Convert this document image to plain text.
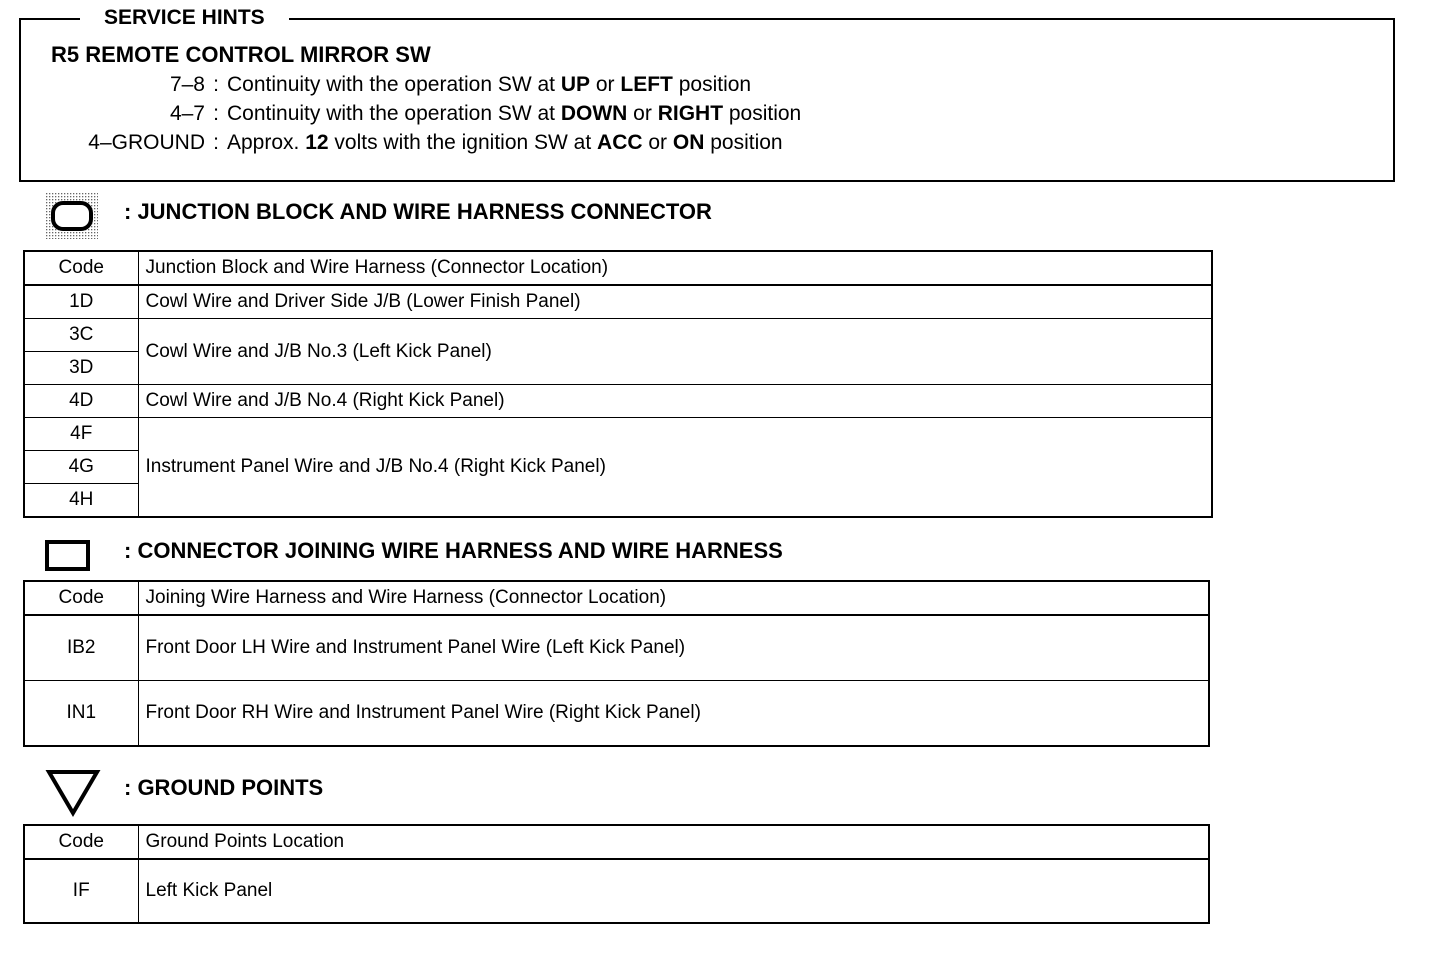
SERVICE HINTS
R5 REMOTE CONTROL MIRROR SW
7–8 : Continuity with the operation SW at UP or LEFT position
4–7 : Continuity with the operation SW at DOWN or RIGHT position
4–GROUND : Approx. 12 volts with the ignition SW at ACC or ON position
: JUNCTION BLOCK AND WIRE HARNESS CONNECTOR
Code	Junction Block and Wire Harness (Connector Location)
1D	Cowl Wire and Driver Side J/B (Lower Finish Panel)
3C	Cowl Wire and J/B No.3 (Left Kick Panel)
3D	
4D	Cowl Wire and J/B No.4 (Right Kick Panel)
4F	Instrument Panel Wire and J/B No.4 (Right Kick Panel)
4G	
4H	
: CONNECTOR JOINING WIRE HARNESS AND WIRE HARNESS
Code	Joining Wire Harness and Wire Harness (Connector Location)
IB2	Front Door LH Wire and Instrument Panel Wire (Left Kick Panel)
IN1	Front Door RH Wire and Instrument Panel Wire (Right Kick Panel)
: GROUND POINTS
Code	Ground Points Location
IF	Left Kick Panel
